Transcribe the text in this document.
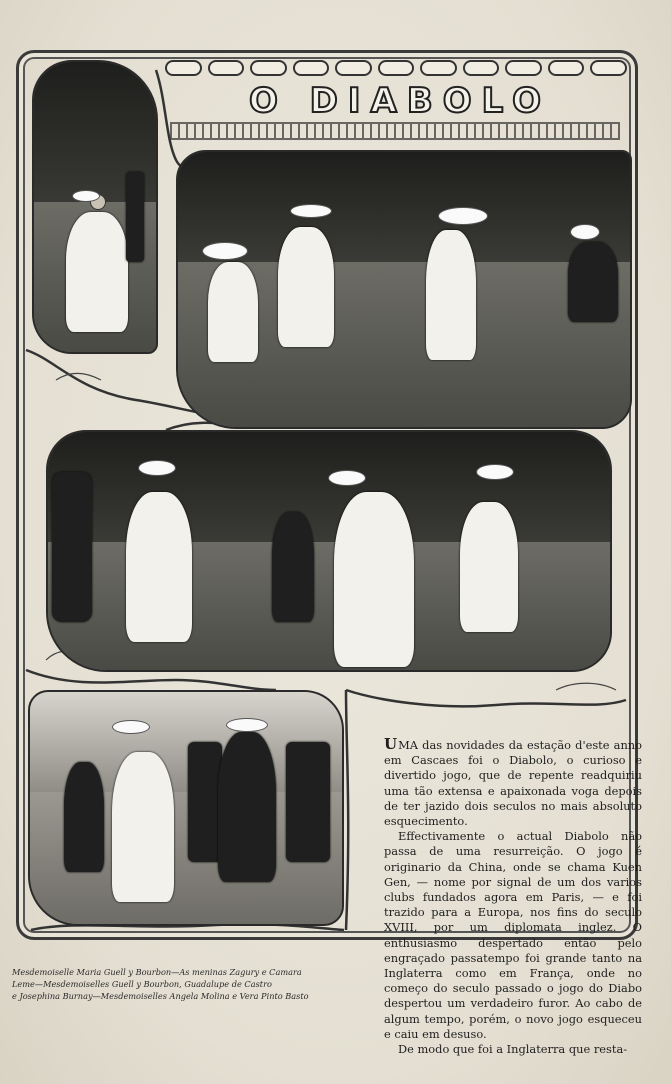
O DIABOLO
Mesdemoiselle Maria Guell y Bourbon—As meninas Zagury e Camara
Leme—Mesdemoiselles Guell y Bourbon, Guadalupe de Castro
e Josephina Burnay—Mesdemoiselles Angela Molina e Vera Pinto Basto

UMA das novidades da estação d'este anno em Cascaes foi o Diabolo, o curioso e divertido jogo, que de repente readquiriu uma tão extensa e apaixonada voga depois de ter jazido dois seculos no mais absoluto esquecimento.

Effectivamente o actual Diabolo não passa de uma resurreição. O jogo é originario da China, onde se chama Kuen Gen, — nome por signal de um dos varios clubs fundados agora em Paris, — e foi trazido para a Europa, nos fins do seculo XVIII, por um diplomata inglez. O enthusiasmo despertado então pelo engraçado passatempo foi grande tanto na Inglaterra como em França, onde no começo do seculo passado o jogo do Diabo despertou um verdadeiro furor. Ao cabo de algum tempo, porém, o novo jogo esqueceu e caiu em desuso.

De modo que foi a Inglaterra que resta-
